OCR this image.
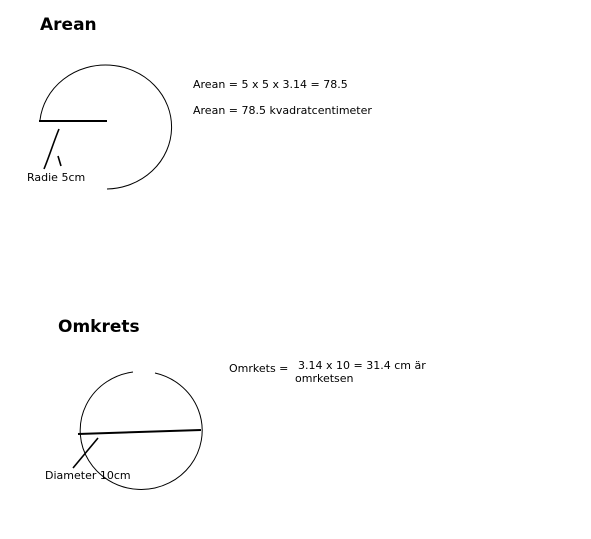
Arean
Arean = 5 x 5 x 3.14 = 78.5
Arean = 78.5 kvadratcentimeter
Radie 5cm
Omkrets
Omrkets = 3.14 x 10 = 31.4 cm är
omrketsen
Diameter 10cm
